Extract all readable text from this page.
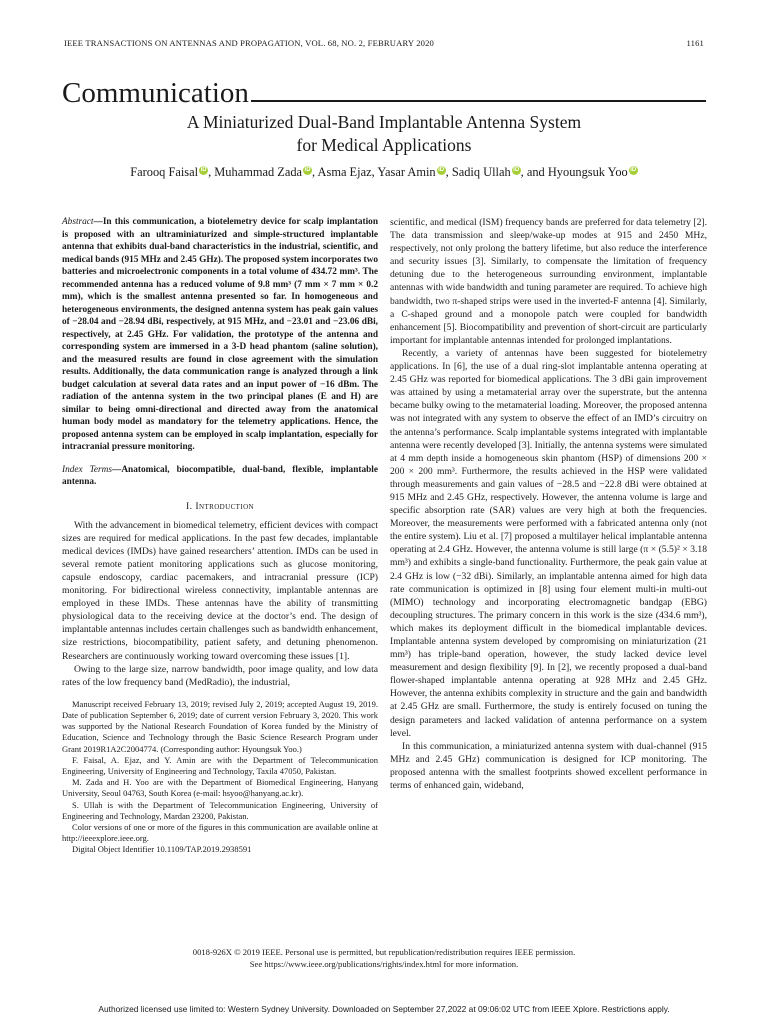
IEEE TRANSACTIONS ON ANTENNAS AND PROPAGATION, VOL. 68, NO. 2, FEBRUARY 2020	1161
Communication
A Miniaturized Dual-Band Implantable Antenna System
for Medical Applications
Farooq Faisal iD , Muhammad Zada iD , Asma Ejaz, Yasar Amin iD , Sadiq Ullah iD , and Hyoungsuk Yoo iD
Abstract—In this communication, a biotelemetry device for scalp implantation is proposed with an ultraminiaturized and simple-structured implantable antenna that exhibits dual-band characteristics in the industrial, scientific, and medical bands (915 MHz and 2.45 GHz). The proposed system incorporates two batteries and microelectronic components in a total volume of 434.72 mm³. The recommended antenna has a reduced volume of 9.8 mm³ (7 mm × 7 mm × 0.2 mm), which is the smallest antenna presented so far. In homogeneous and heterogeneous environments, the designed antenna system has peak gain values of −28.04 and −28.94 dBi, respectively, at 915 MHz, and −23.01 and −23.06 dBi, respectively, at 2.45 GHz. For validation, the prototype of the antenna and corresponding system are immersed in a 3-D head phantom (saline solution), and the measured results are found in close agreement with the simulation results. Additionally, the data communication range is analyzed through a link budget calculation at several data rates and an input power of −16 dBm. The radiation of the antenna system in the two principal planes (E and H) are similar to being omni-directional and directed away from the anatomical human body model as mandatory for the telemetry applications. Hence, the proposed antenna system can be employed in scalp implantation, especially for intracranial pressure monitoring.
Index Terms—Anatomical, biocompatible, dual-band, flexible, implantable antenna.
I. Introduction

With the advancement in biomedical telemetry, efficient devices with compact sizes are required for medical applications. In the past few decades, implantable medical devices (IMDs) have gained researchers’ attention. IMDs can be used in several remote patient monitoring applications such as glucose monitoring, capsule endoscopy, cardiac pacemakers, and intracranial pressure (ICP) monitoring. For bidirectional wireless connectivity, implantable antennas are employed in these IMDs. These antennas have the ability of transmitting physiological data to the receiving device at the doctor’s end. The design of implantable antennas includes certain challenges such as bandwidth enhancement, size restrictions, biocompatibility, patient safety, and detuning phenomenon. Researchers are continuously working toward overcoming these issues [1].

Owing to the large size, narrow bandwidth, poor image quality, and low data rates of the low frequency band (MedRadio), the industrial,

Manuscript received February 13, 2019; revised July 2, 2019; accepted August 19, 2019. Date of publication September 6, 2019; date of current version February 3, 2020. This work was supported by the National Research Foundation of Korea funded by the Ministry of Education, Science and Technology through the Basic Science Research Program under Grant 2019R1A2C2004774. (Corresponding author: Hyoungsuk Yoo.)

F. Faisal, A. Ejaz, and Y. Amin are with the Department of Telecommunication Engineering, University of Engineering and Technology, Taxila 47050, Pakistan.

M. Zada and H. Yoo are with the Department of Biomedical Engineering, Hanyang University, Seoul 04763, South Korea (e-mail: hsyoo@hanyang.ac.kr).

S. Ullah is with the Department of Telecommunication Engineering, University of Engineering and Technology, Mardan 23200, Pakistan.

Color versions of one or more of the figures in this communication are available online at http://ieeexplore.ieee.org.

Digital Object Identifier 10.1109/TAP.2019.2938591

scientific, and medical (ISM) frequency bands are preferred for data telemetry [2]. The data transmission and sleep/wake-up modes at 915 and 2450 MHz, respectively, not only prolong the battery lifetime, but also reduce the interference and security issues [3]. Similarly, to compensate the limitation of frequency detuning due to the heterogeneous surrounding environment, implantable antennas with wide bandwidth and tuning parameter are required. To achieve high bandwidth, two π-shaped strips were used in the inverted-F antenna [4]. Similarly, a C-shaped ground and a monopole patch were coupled for bandwidth enhancement [5]. Biocompatibility and prevention of short-circuit are particularly important for implantable antennas intended for prolonged implantations.

Recently, a variety of antennas have been suggested for biotelemetry applications. In [6], the use of a dual ring-slot implantable antenna operating at 2.45 GHz was reported for biomedical applications. The 3 dBi gain improvement was attained by using a metamaterial array over the superstrate, but the antenna became bulky owing to the metamaterial loading. Moreover, the proposed antenna was not integrated with any system to observe the effect of an IMD’s circuitry on the antenna’s performance. Scalp implantable systems integrated with implantable antenna were recently developed [3]. Initially, the antenna systems were simulated at 4 mm depth inside a homogeneous skin phantom (HSP) of dimensions 200 × 200 × 200 mm³. Furthermore, the results achieved in the HSP were validated through measurements and gain values of −28.5 and −22.8 dBi were obtained at 915 MHz and 2.45 GHz, respectively. However, the antenna volume is large and specific absorption rate (SAR) values are very high at both the frequencies. Moreover, the measurements were performed with a fabricated antenna only (not the entire system). Liu et al. [7] proposed a multilayer helical implantable antenna operating at 2.4 GHz. However, the antenna volume is still large (π × (5.5)² × 3.18 mm³) and exhibits a single-band functionality. Furthermore, the peak gain value at 2.4 GHz is low (−32 dBi). Similarly, an implantable antenna aimed for high data rate communication is optimized in [8] using four element multi-in multi-out (MIMO) technology and incorporating electromagnetic bandgap (EBG) decoupling structures. The primary concern in this work is the size (434.6 mm³), which makes its deployment difficult in the biomedical implantable devices. Implantable antenna system developed by compromising on miniaturization (21 mm³) has triple-band operation, however, the study lacked device level measurement and design flexibility [9]. In [2], we recently proposed a dual-band flower-shaped implantable antenna operating at 928 MHz and 2.45 GHz. However, the antenna exhibits complexity in structure and the gain and bandwidth at 2.45 GHz are small. Furthermore, the study is entirely focused on tuning the design parameters and lacked validation of antenna performance on a system level.

In this communication, a miniaturized antenna system with dual-channel (915 MHz and 2.45 GHz) communication is designed for ICP monitoring. The proposed antenna with the smallest footprints showed excellent performance in terms of enhanced gain, wideband,

0018-926X © 2019 IEEE. Personal use is permitted, but republication/redistribution requires IEEE permission.
See https://www.ieee.org/publications/rights/index.html for more information.
Authorized licensed use limited to: Western Sydney University. Downloaded on September 27,2022 at 09:06:02 UTC from IEEE Xplore. Restrictions apply.
